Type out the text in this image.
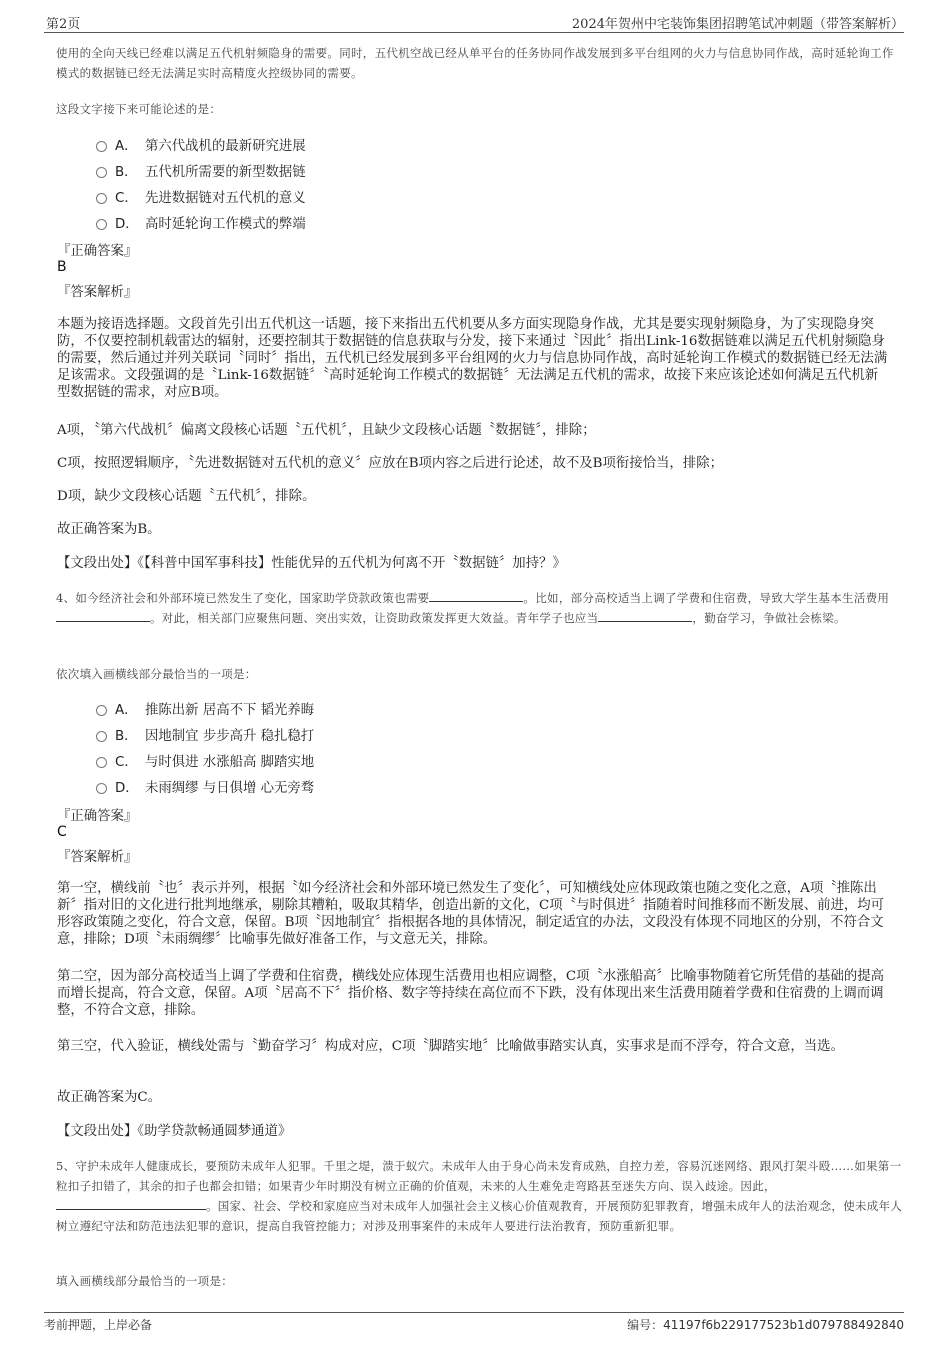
第2页	2024年贺州中宅装饰集团招聘笔试冲刺题（带答案解析）
使用的全向天线已经难以满足五代机射频隐身的需要。同时，五代机空战已经从单平台的任务协同作战发展到多平台组网的火力与信息协同作战，高时延轮询工作模式的数据链已经无法满足实时高精度火控级协同的需要。
这段文字接下来可能论述的是：
A． 第六代战机的最新研究进展
B． 五代机所需要的新型数据链
C． 先进数据链对五代机的意义
D． 高时延轮询工作模式的弊端
『正确答案』
B
『答案解析』
本题为接语选择题。文段首先引出五代机这一话题，接下来指出五代机要从多方面实现隐身作战，尤其是要实现射频隐身，为了实现隐身突防，不仅要控制机载雷达的辐射，还要控制其于数据链的信息获取与分发，接下来通过〝因此〞指出Link-16数据链难以满足五代机射频隐身的需要，然后通过并列关联词〝同时〞指出，五代机已经发展到多平台组网的火力与信息协同作战，高时延轮询工作模式的数据链已经无法满足该需求。文段强调的是〝Link-16数据链〞〝高时延轮询工作模式的数据链〞无法满足五代机的需求，故接下来应该论述如何满足五代机新型数据链的需求，对应B项。
A项，〝第六代战机〞偏离文段核心话题〝五代机〞，且缺少文段核心话题〝数据链〞，排除；
C项，按照逻辑顺序，〝先进数据链对五代机的意义〞应放在B项内容之后进行论述，故不及B项衔接恰当，排除；
D项，缺少文段核心话题〝五代机〞，排除。
故正确答案为B。
【文段出处】《【科普中国军事科技】性能优异的五代机为何离不开〝数据链〞加持？》
4、如今经济社会和外部环境已然发生了变化，国家助学贷款政策也需要	。比如，部分高校适当上调了学费和住宿费，导致大学生基本生活费用。对此，相关部门应聚焦问题、突出实效，让资助政策发挥更大效益。青年学子也应当	，勤奋学习，争做社会栋梁。
依次填入画横线部分最恰当的一项是：
A． 推陈出新 居高不下 韬光养晦
B． 因地制宜 步步高升 稳扎稳打
C． 与时俱进 水涨船高 脚踏实地
D． 未雨绸缪 与日俱增 心无旁骛
『正确答案』
C
『答案解析』
第一空，横线前〝也〞表示并列，根据〝如今经济社会和外部环境已然发生了变化〞，可知横线处应体现政策也随之变化之意，A项〝推陈出新〞指对旧的文化进行批判地继承，剔除其糟粕，吸取其精华，创造出新的文化，C项〝与时俱进〞指随着时间推移而不断发展、前进，均可形容政策随之变化，符合文意，保留。B项〝因地制宜〞指根据各地的具体情况，制定适宜的办法，文段没有体现不同地区的分别，不符合文意，排除；D项〝未雨绸缪〞比喻事先做好准备工作，与文意无关，排除。
第二空，因为部分高校适当上调了学费和住宿费，横线处应体现生活费用也相应调整，C项〝水涨船高〞比喻事物随着它所凭借的基础的提高而增长提高，符合文意，保留。A项〝居高不下〞指价格、数字等持续在高位而不下跌，没有体现出来生活费用随着学费和住宿费的上调而调整，不符合文意，排除。
第三空，代入验证，横线处需与〝勤奋学习〞构成对应，C项〝脚踏实地〞比喻做事踏实认真，实事求是而不浮夸，符合文意，当选。
故正确答案为C。
【文段出处】《助学贷款畅通圆梦通道》
5、守护未成年人健康成长，要预防未成年人犯罪。千里之堤，溃于蚁穴。未成年人由于身心尚未发育成熟，自控力差，容易沉迷网络、跟风打架斗殴……如果第一粒扣子扣错了，其余的扣子也都会扣错；如果青少年时期没有树立正确的价值观，未来的人生难免走弯路甚至迷失方向、误入歧途。因此，。国家、社会、学校和家庭应当对未成年人加强社会主义核心价值观教育，开展预防犯罪教育，增强未成年人的法治观念，使未成年人树立遵纪守法和防范违法犯罪的意识，提高自我管控能力；对涉及刑事案件的未成年人要进行法治教育，预防重新犯罪。
填入画横线部分最恰当的一项是：
考前押题，上岸必备	编号：41197f6b229177523b1d079788492840
